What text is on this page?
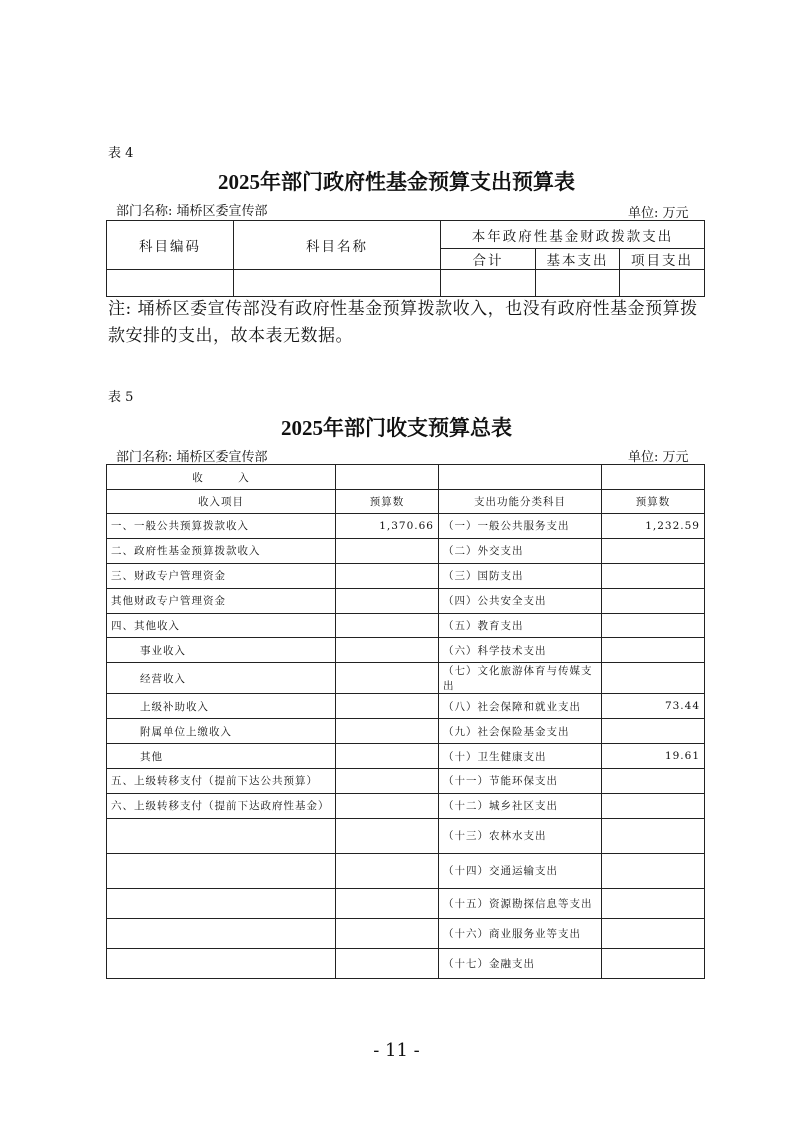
表 4
2025年部门政府性基金预算支出预算表
部门名称: 埇桥区委宣传部	单位: 万元
科目编码	科目名称	本年政府性基金财政拨款支出		
		合计	基本支出	项目支出

注: 埇桥区委宣传部没有政府性基金预算拨款收入，也没有政府性基金预算拨款安排的支出，故本表无数据。
表 5
2025年部门收支预算总表
部门名称: 埇桥区委宣传部	单位: 万元
收　　　入			
收入项目	预算数	支出功能分类科目	预算数
一、一般公共预算拨款收入	1,370.66	（一）一般公共服务支出	1,232.59
二、政府性基金预算拨款收入		（二）外交支出	
三、财政专户管理资金		（三）国防支出	
其他财政专户管理资金		（四）公共安全支出	
四、其他收入		（五）教育支出	
事业收入		（六）科学技术支出	
经营收入		（七）文化旅游体育与传媒支出	
上级补助收入		（八）社会保障和就业支出	73.44
附属单位上缴收入		（九）社会保险基金支出	
其他		（十）卫生健康支出	19.61
五、上级转移支付（提前下达公共预算）		（十一）节能环保支出	
六、上级转移支付（提前下达政府性基金）		（十二）城乡社区支出	
		（十三）农林水支出	
		（十四）交通运输支出	
		（十五）资源勘探信息等支出	
		（十六）商业服务业等支出	
		（十七）金融支出	
- 11 -
